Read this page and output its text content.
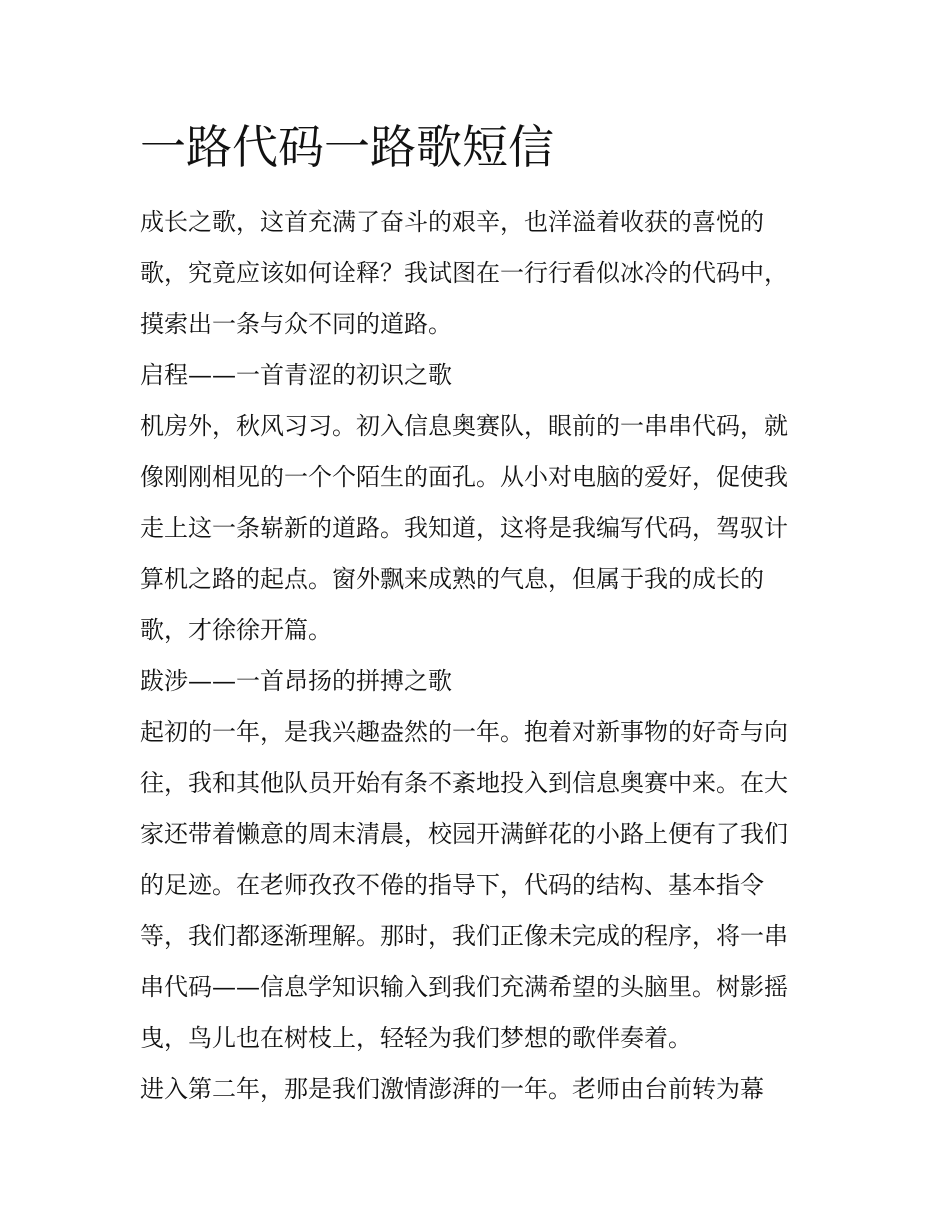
一路代码一路歌短信
成长之歌，这首充满了奋斗的艰辛，也洋溢着收获的喜悦的
歌，究竟应该如何诠释？我试图在一行行看似冰冷的代码中，
摸索出一条与众不同的道路。
启程——一首青涩的初识之歌
机房外，秋风习习。初入信息奥赛队，眼前的一串串代码，就
像刚刚相见的一个个陌生的面孔。从小对电脑的爱好，促使我
走上这一条崭新的道路。我知道，这将是我编写代码，驾驭计
算机之路的起点。窗外飘来成熟的气息，但属于我的成长的
歌，才徐徐开篇。
跋涉——一首昂扬的拼搏之歌
起初的一年，是我兴趣盎然的一年。抱着对新事物的好奇与向
往，我和其他队员开始有条不紊地投入到信息奥赛中来。在大
家还带着懒意的周末清晨，校园开满鲜花的小路上便有了我们
的足迹。在老师孜孜不倦的指导下，代码的结构、基本指令
等，我们都逐渐理解。那时，我们正像未完成的程序，将一串
串代码——信息学知识输入到我们充满希望的头脑里。树影摇
曳，鸟儿也在树枝上，轻轻为我们梦想的歌伴奏着。
进入第二年，那是我们激情澎湃的一年。老师由台前转为幕
